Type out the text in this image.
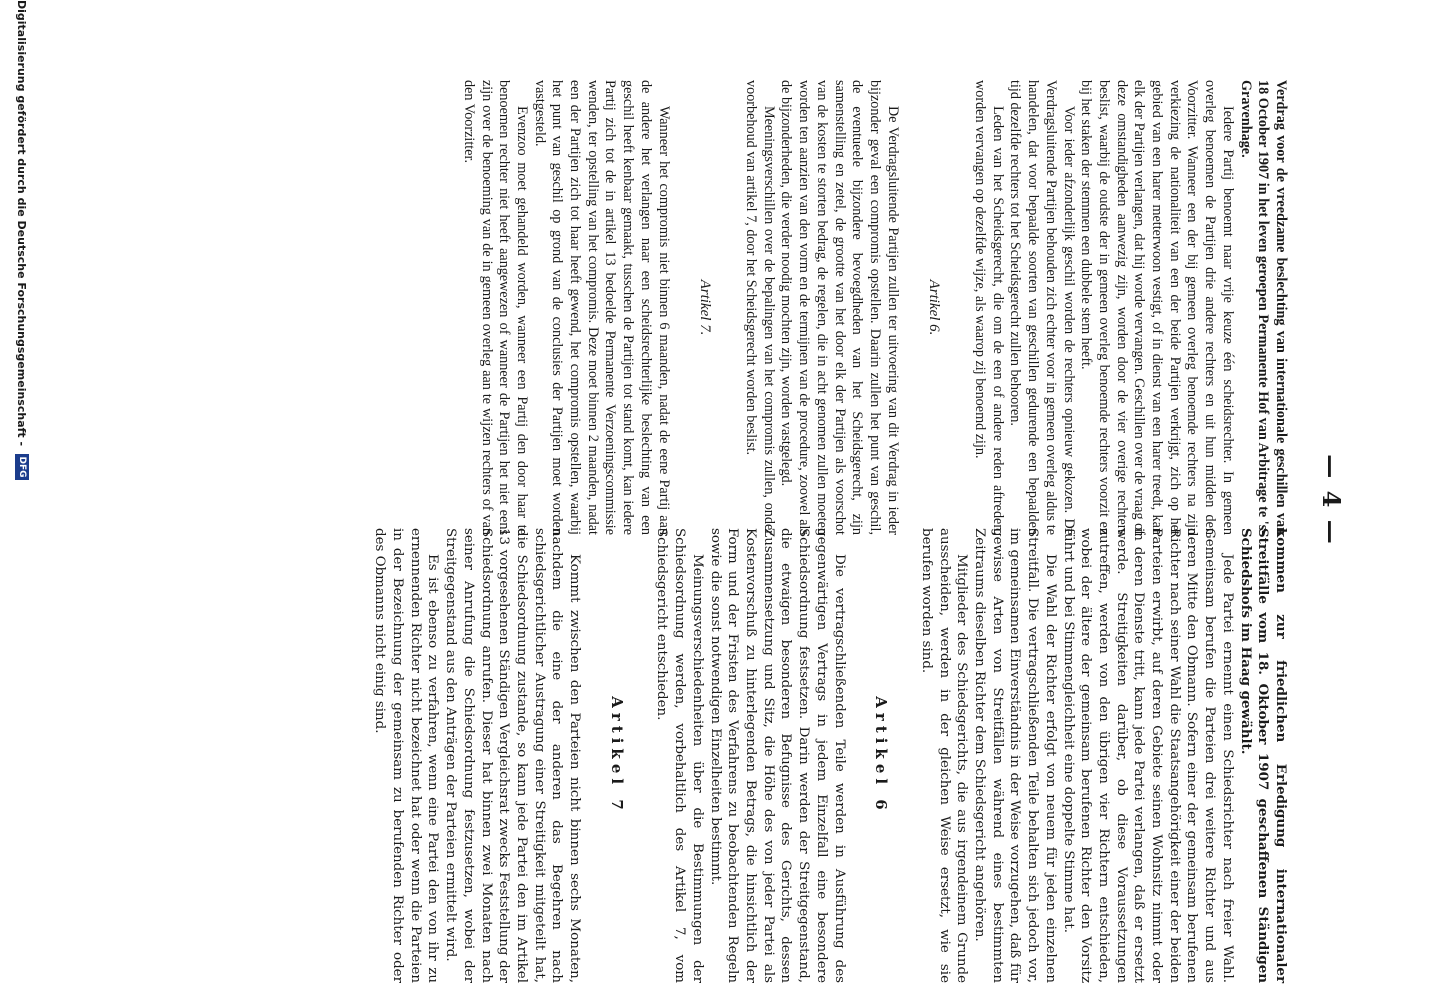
— 4 —

Verdrag voor de vreedzame beslechting van internationale geschillen van 18 October 1907 in het leven geroepen Permanente Hof van Arbitrage te 's-Gravenhage.

Iedere Partij benoemt naar vrije keuze één scheidsrechter. In gemeen overleg benoemen de Partijen drie andere rechters en uit hun midden den Voorzitter. Wanneer een der bij gemeen overleg benoemde rechters na zijn verkiezing de nationaliteit van een der beide Partijen verkrijgt, zich op het gebied van een harer metterwoon vestigt, of in dienst van een harer treedt, kan elk der Partijen verlangen, dat hij worde vervangen. Geschillen over de vraag of deze omstandigheden aanwezig zijn, worden door de vier overige rechters beslist, waarbij de oudste der in gemeen overleg benoemde rechters voorzit en bij het staken der stemmen een dubbele stem heeft.

Voor ieder afzonderlijk geschil worden de rechters opnieuw gekozen. De Verdragsluitende Partijen behouden zich echter voor in gemeen overleg aldus te handelen, dat voor bepaalde soorten van geschillen gedurende een bepaalden tijd dezelfde rechters tot het Scheidsgerecht zullen behooren.

Leden van het Scheidsgerecht, die om de een of andere reden aftreden, worden vervangen op dezelfde wijze, als waarop zij benoemd zijn.

Artikel 6.

De Verdragsluitende Partijen zullen ter uitvoering van dit Verdrag in ieder bijzonder geval een compromis opstellen. Daarin zullen het punt van geschil, de eventueele bijzondere bevoegdheden van het Scheidsgerecht, zijn samenstelling en zetel, de grootte van het door elk der Partijen als voorschot van de kosten te storten bedrag, de regelen, die in acht genomen zullen moeten worden ten aanzien van den vorm en de termijnen van de procedure, zoowel als de bijzonderheden, die verder noodig mochten zijn, worden vastgelegd.

Meeningsverschillen over de bepalingen van het compromis zullen, onder voorbehoud van artikel 7, door het Scheidsgerecht worden beslist.

Artikel 7.

Wanneer het compromis niet binnen 6 maanden, nadat de eene Partij aan de andere het verlangen naar een scheidsrechterlijke beslechting van een geschil heeft kenbaar gemaakt, tusschen de Partijen tot stand komt, kan iedere Partij zich tot de in artikel 13 bedoelde Permanente Verzoeningscommissie wenden, ter opstelling van het compromis. Deze moet binnen 2 maanden, nadat een der Partijen zich tot haar heeft gewend, het compromis opstellen, waarbij het punt van geschil op grond van de conclusies der Partijen moet worden vastgesteld.

Evenzoo moet gehandeld worden, wanneer een Partij den door haar te benoemen rechter niet heeft aangewezen of wanneer de Partijen het niet eens zijn over de benoeming van de in gemeen overleg aan te wijzen rechters of van den Voorzitter.

kommen zur friedlichen Erledigung internationaler Streitfälle vom 18. Oktober 1907 geschaffenen Ständigen Schiedshofs im Haag gewählt.

Jede Partei ernennt einen Schiedsrichter nach freier Wahl. Gemeinsam berufen die Parteien drei weitere Richter und aus deren Mitte den Obmann. Sofern einer der gemeinsam berufenen Richter nach seiner Wahl die Staatsangehörigkeit einer der beiden Parteien erwirbt, auf deren Gebiete seinen Wohnsitz nimmt oder in deren Dienste tritt, kann jede Partei verlangen, daß er ersetzt werde. Streitigkeiten darüber, ob diese Voraussetzungen zutreffen, werden von den übrigen vier Richtern entschieden, wobei der ältere der gemeinsam berufenen Richter den Vorsitz führt und bei Stimmengleichheit eine doppelte Stimme hat.

Die Wahl der Richter erfolgt von neuem für jeden einzelnen Streitfall. Die vertragschließenden Teile behalten sich jedoch vor, im gemeinsamen Einverständnis in der Weise vorzugehen, daß für gewisse Arten von Streitfällen während eines bestimmten Zeitraums dieselben Richter dem Schiedsgericht angehören.

Mitglieder des Schiedsgerichts, die aus irgendeinem Grunde ausscheiden, werden in der gleichen Weise ersetzt, wie sie berufen worden sind.

Artikel 6

Die vertragschließenden Teile werden in Ausführung des gegenwärtigen Vertrags in jedem Einzelfall eine besondere Schiedsordnung festsetzen. Darin werden der Streitgegenstand, die etwaigen besonderen Befugnisse des Gerichts, dessen Zusammensetzung und Sitz, die Höhe des von jeder Partei als Kostenvorschuß zu hinterlegenden Betrags, die hinsichtlich der Form und der Fristen des Verfahrens zu beobachtenden Regeln sowie die sonst notwendigen Einzelheiten bestimmt.

Meinungsverschiedenheiten über die Bestimmungen der Schiedsordnung werden, vorbehaltlich des Artikel 7, vom Schiedsgericht entschieden.

Artikel 7

Kommt zwischen den Parteien nicht binnen sechs Monaten, nachdem die eine der anderen das Begehren nach schiedsgerichtlicher Austragung einer Streitigkeit mitgeteilt hat, die Schiedsordnung zustande, so kann jede Partei den im Artikel 13 vorgesehenen Ständigen Vergleichsrat zwecks Feststellung der Schiedsordnung anrufen. Dieser hat binnen zwei Monaten nach seiner Anrufung die Schiedsordnung festzusetzen, wobei der Streitgegenstand aus den Anträgen der Parteien ermittelt wird.

Es ist ebenso zu verfahren, wenn eine Partei den von ihr zu ernennenden Richter nicht bezeichnet hat oder wenn die Parteien in der Bezeichnung der gemeinsam zu berufenden Richter oder des Obmanns nicht einig sind.

Digitalisierung gefördert durch die Deutsche Forschungsgemeinschaft -
DFG
